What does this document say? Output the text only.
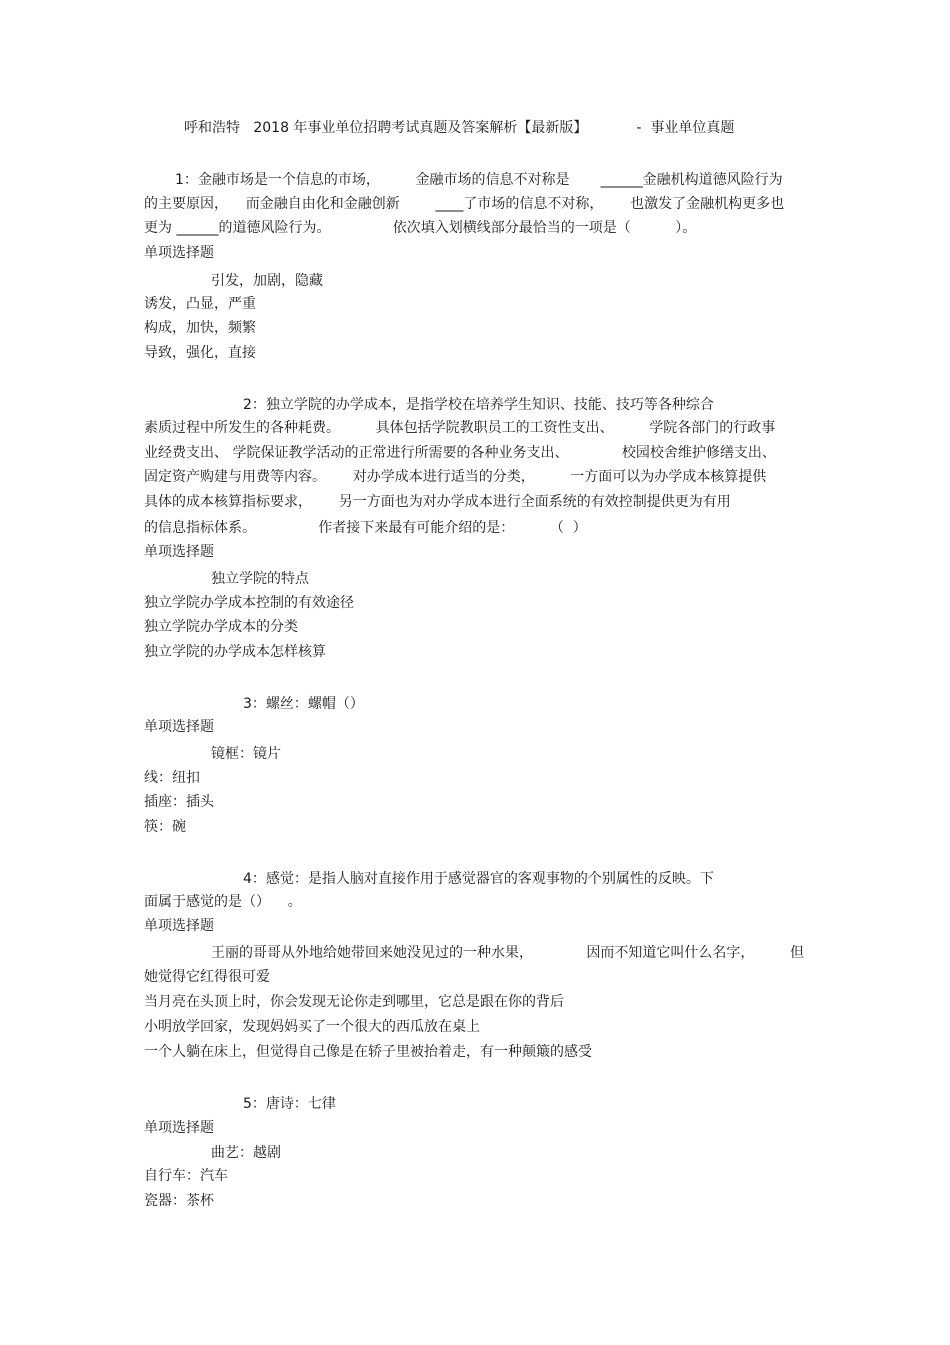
呼和浩特   2018 年事业单位招聘考试真题及答案解析【最新版】           -  事业单位真题
1：金融市场是一个信息的市场，        金融市场的信息不对称是       ______金融机构道德风险行为
的主要原因，    而金融自由化和金融创新        ____了市场的信息不对称，      也激发了金融机构更多也
更为 ______的道德风险行为。              依次填入划横线部分最恰当的一项是（          ）。
单项选择题
引发，加剧，隐藏
诱发，凸显，严重
构成，加快，频繁
导致，强化，直接
2：独立学院的办学成本，是指学校在培养学生知识、技能、技巧等各种综合
素质过程中所发生的各种耗费。        具体包括学院教职员工的工资性支出、        学院各部门的行政事
业经费支出、 学院保证教学活动的正常进行所需要的各种业务支出、            校园校舍维护修缮支出、
固定资产购建与用费等内容。      对办学成本进行适当的分类，        一方面可以为办学成本核算提供
具体的成本核算指标要求，      另一方面也为对办学成本进行全面系统的有效控制提供更为有用
的信息指标体系。              作者接下来最有可能介绍的是：        （  ）
单项选择题
独立学院的特点
独立学院办学成本控制的有效途径
独立学院办学成本的分类
独立学院的办学成本怎样核算
3：螺丝：螺帽（）
单项选择题
镜框：镜片
线：纽扣
插座：插头
筷：碗
4：感觉：是指人脑对直接作用于感觉器官的客观事物的个别属性的反映。下
面属于感觉的是（）    。
单项选择题
王丽的哥哥从外地给她带回来她没见过的一种水果，            因而不知道它叫什么名字，        但
她觉得它红得很可爱
当月亮在头顶上时，你会发现无论你走到哪里，它总是跟在你的背后
小明放学回家，发现妈妈买了一个很大的西瓜放在桌上
一个人躺在床上，但觉得自己像是在轿子里被抬着走，有一种颠簸的感受
5：唐诗：七律
单项选择题
曲艺：越剧
自行车：汽车
瓷器：茶杯
